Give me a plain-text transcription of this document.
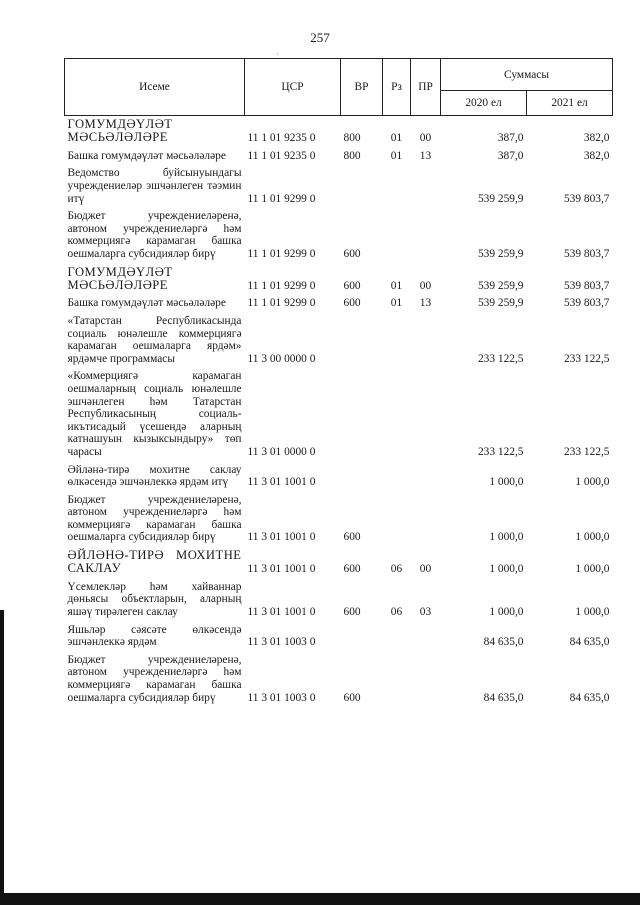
257
·
Исеме	ЦСР	ВР	Рз	ПР	Суммасы	
					2020 ел	2021 ел
ГОМУМДӘҮЛӘТ МӘСЬӘЛӘЛӘРЕ	11 1 01 9235 0	800	01	00	387,0	382,0
Башка гомумдәүләт мәсьәләләре	11 1 01 9235 0	800	01	13	387,0	382,0
Ведомство буйсынуындагы учреждениеләр эшчәнлеген тәэмин итү	11 1 01 9299 0				539 259,9	539 803,7
Бюджет учреждениеләренә, автоном учреждениеләргә һәм коммерциягә карамаган башка оешмаларга субсидияләр бирү	11 1 01 9299 0	600			539 259,9	539 803,7
ГОМУМДӘҮЛӘТ МӘСЬӘЛӘЛӘРЕ	11 1 01 9299 0	600	01	00	539 259,9	539 803,7
Башка гомумдәүләт мәсьәләләре	11 1 01 9299 0	600	01	13	539 259,9	539 803,7
«Татарстан Республикасында социаль юнәлешле коммерциягә карамаган оешмаларга ярдәм» ярдәмче программасы	11 3 00 0000 0				233 122,5	233 122,5
«Коммерциягә карамаган оешмаларның социаль юнәлешле эшчәнлеген һәм Татарстан Республикасының социаль-икътисадый үсешендә аларның катнашуын кызыксындыру» төп чарасы	11 3 01 0000 0				233 122,5	233 122,5
Әйләнә-тирә мохитне саклау өлкәсендә эшчәнлеккә ярдәм итү	11 3 01 1001 0				1 000,0	1 000,0
Бюджет учреждениеләренә, автоном учреждениеләргә һәм коммерциягә карамаган башка оешмаларга субсидияләр бирү	11 3 01 1001 0	600			1 000,0	1 000,0
ӘЙЛӘНӘ-ТИРӘ МОХИТНЕ САКЛАУ	11 3 01 1001 0	600	06	00	1 000,0	1 000,0
Үсемлекләр һәм хайваннар дөньясы объектларын, аларның яшәү тирәлеген саклау	11 3 01 1001 0	600	06	03	1 000,0	1 000,0
Яшьләр сәясәте өлкәсендә эшчәнлеккә ярдәм	11 3 01 1003 0				84 635,0	84 635,0
Бюджет учреждениеләренә, автоном учреждениеләргә һәм коммерциягә карамаган башка оешмаларга субсидияләр бирү	11 3 01 1003 0	600			84 635,0	84 635,0
